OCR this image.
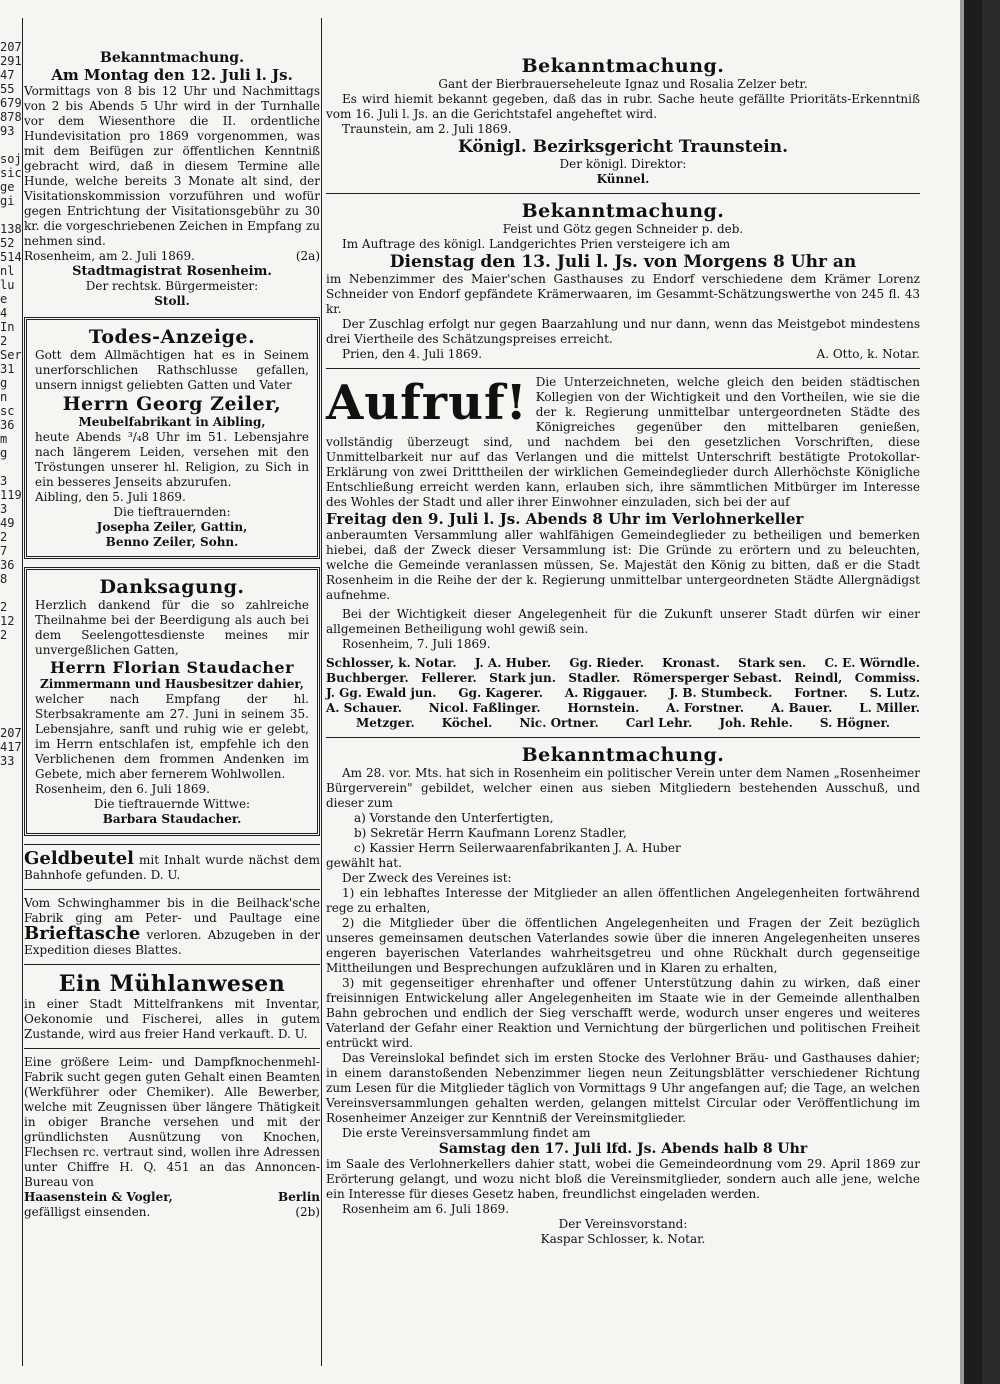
207
291
47
55
679
878
93
soj
sic
ge
gi
138
52
514
nl
lu
e
4
In
2
Ser
31
g
n
sc
36
m
g
3
119
3
49
2
7
36
8
2
12
2
207
417
33
Bekanntmachung.
Am Montag den 12. Juli l. Js.
Vormittags von 8 bis 12 Uhr und Nachmittags von 2 bis Abends 5 Uhr wird in der Turnhalle vor dem Wiesenthore die II. ordentliche Hundevisitation pro 1869 vorgenommen, was mit dem Beifügen zur öffentlichen Kenntniß gebracht wird, daß in diesem Termine alle Hunde, welche bereits 3 Monate alt sind, der Visitationskommission vorzuführen und wofür gegen Entrichtung der Visitationsgebühr zu 30 kr. die vorgeschriebenen Zeichen in Empfang zu nehmen sind.
Rosenheim, am 2. Juli 1869.	(2a)
Stadtmagistrat Rosenheim.
Der rechtsk. Bürgermeister:
Stoll.
Todes-Anzeige.
Gott dem Allmächtigen hat es in Seinem unerforschlichen Rathschlusse gefallen, unsern innigst geliebten Gatten und Vater
Herrn Georg Zeiler,
Meubelfabrikant in Aibling,
heute Abends ³/₄8 Uhr im 51. Lebensjahre nach längerem Leiden, versehen mit den Tröstungen unserer hl. Religion, zu Sich in ein besseres Jenseits abzurufen.
Aibling, den 5. Juli 1869.
Die tieftrauernden:
Josepha Zeiler, Gattin,
Benno Zeiler, Sohn.
Danksagung.
Herzlich dankend für die so zahlreiche Theilnahme bei der Beerdigung als auch bei dem Seelengottesdienste meines mir unvergeßlichen Gatten,
Herrn Florian Staudacher
Zimmermann und Hausbesitzer dahier,
welcher nach Empfang der hl. Sterbsakramente am 27. Juni in seinem 35. Lebensjahre, sanft und ruhig wie er gelebt, im Herrn entschlafen ist, empfehle ich den Verblichenen dem frommen Andenken im Gebete, mich aber fernerem Wohlwollen.
Rosenheim, den 6. Juli 1869.
Die tieftrauernde Wittwe:
Barbara Staudacher.
Geldbeutel mit Inhalt wurde nächst dem Bahnhofe gefunden. D. U.
Vom Schwinghammer bis in die Beilhack'sche Fabrik ging am Peter- und Paultage eine Brieftasche verloren. Abzugeben in der Expedition dieses Blattes.
Ein Mühlanwesen
in einer Stadt Mittelfrankens mit Inventar, Oekonomie und Fischerei, alles in gutem Zustande, wird aus freier Hand verkauft. D. U.
Eine größere Leim- und Dampfknochenmehl-Fabrik sucht gegen guten Gehalt einen Beamten (Werkführer oder Chemiker). Alle Bewerber, welche mit Zeugnissen über längere Thätigkeit in obiger Branche versehen und mit der gründlichsten Ausnützung von Knochen, Flechsen rc. vertraut sind, wollen ihre Adressen unter Chiffre H. Q. 451 an das Annoncen-Bureau von
Haasenstein & Vogler,	Berlin
gefälligst einsenden.	(2b)
Bekanntmachung.
Gant der Bierbrauerseheleute Ignaz und Rosalia Zelzer betr.
Es wird hiemit bekannt gegeben, daß das in rubr. Sache heute gefällte Prioritäts-Erkenntniß vom 16. Juli l. Js. an die Gerichtstafel angeheftet wird.
Traunstein, am 2. Juli 1869.
Königl. Bezirksgericht Traunstein.
Der königl. Direktor:
Künnel.
Bekanntmachung.
Feist und Götz gegen Schneider p. deb.
Im Auftrage des königl. Landgerichtes Prien versteigere ich am
Dienstag den 13. Juli l. Js. von Morgens 8 Uhr an
im Nebenzimmer des Maier'schen Gasthauses zu Endorf verschiedene dem Krämer Lorenz Schneider von Endorf gepfändete Krämerwaaren, im Gesammt-Schätzungswerthe von 245 fl. 43 kr.
Der Zuschlag erfolgt nur gegen Baarzahlung und nur dann, wenn das Meistgebot mindestens drei Viertheile des Schätzungspreises erreicht.
Prien, den 4. Juli 1869.	A. Otto, k. Notar.
Aufruf! Die Unterzeichneten, welche gleich den beiden städtischen Kollegien von der Wichtigkeit und den Vortheilen, wie sie die der k. Regierung unmittelbar untergeordneten Städte des Königreiches gegenüber den mittelbaren genießen, vollständig überzeugt sind, und nachdem bei den gesetzlichen Vorschriften, diese Unmittelbarkeit nur auf das Verlangen und die mittelst Unterschrift bestätigte Protokollar-Erklärung von zwei Dritttheilen der wirklichen Gemeindeglieder durch Allerhöchste Königliche Entschließung erreicht werden kann, erlauben sich, ihre sämmtlichen Mitbürger im Interesse des Wohles der Stadt und aller ihrer Einwohner einzuladen, sich bei der auf
Freitag den 9. Juli l. Js. Abends 8 Uhr im Verlohnerkeller
anberaumten Versammlung aller wahlfähigen Gemeindeglieder zu betheiligen und bemerken hiebei, daß der Zweck dieser Versammlung ist: Die Gründe zu erörtern und zu beleuchten, welche die Gemeinde veranlassen müssen, Se. Majestät den König zu bitten, daß er die Stadt Rosenheim in die Reihe der der k. Regierung unmittelbar untergeordneten Städte Allergnädigst aufnehme.
Bei der Wichtigkeit dieser Angelegenheit für die Zukunft unserer Stadt dürfen wir einer allgemeinen Betheiligung wohl gewiß sein.
Rosenheim, 7. Juli 1869.
Schlosser, k. Notar. J. A. Huber. Gg. Rieder. Kronast. Stark sen. C. E. Wörndle.
Buchberger. Fellerer. Stark jun. Stadler. Römersperger Sebast. Reindl, Commiss.
J. Gg. Ewald jun. Gg. Kagerer. A. Riggauer. J. B. Stumbeck. Fortner. S. Lutz.
A. Schauer. Nicol. Faßlinger. Hornstein. A. Forstner. A. Bauer. L. Miller.
Metzger. Köchel. Nic. Ortner. Carl Lehr. Joh. Rehle. S. Högner.
Bekanntmachung.
Am 28. vor. Mts. hat sich in Rosenheim ein politischer Verein unter dem Namen „Rosenheimer Bürgerverein" gebildet, welcher einen aus sieben Mitgliedern bestehenden Ausschuß, und dieser zum
a) Vorstande den Unterfertigten,
b) Sekretär Herrn Kaufmann Lorenz Stadler,
c) Kassier Herrn Seilerwaarenfabrikanten J. A. Huber
gewählt hat.
Der Zweck des Vereines ist:
1) ein lebhaftes Interesse der Mitglieder an allen öffentlichen Angelegenheiten fortwährend rege zu erhalten,
2) die Mitglieder über die öffentlichen Angelegenheiten und Fragen der Zeit bezüglich unseres gemeinsamen deutschen Vaterlandes sowie über die inneren Angelegenheiten unseres engeren bayerischen Vaterlandes wahrheitsgetreu und ohne Rückhalt durch gegenseitige Mittheilungen und Besprechungen aufzuklären und in Klaren zu erhalten,
3) mit gegenseitiger ehrenhafter und offener Unterstützung dahin zu wirken, daß einer freisinnigen Entwickelung aller Angelegenheiten im Staate wie in der Gemeinde allenthalben Bahn gebrochen und endlich der Sieg verschafft werde, wodurch unser engeres und weiteres Vaterland der Gefahr einer Reaktion und Vernichtung der bürgerlichen und politischen Freiheit entrückt wird.
Das Vereinslokal befindet sich im ersten Stocke des Verlohner Bräu- und Gasthauses dahier; in einem daranstoßenden Nebenzimmer liegen neun Zeitungsblätter verschiedener Richtung zum Lesen für die Mitglieder täglich von Vormittags 9 Uhr angefangen auf; die Tage, an welchen Vereinsversammlungen gehalten werden, gelangen mittelst Circular oder Veröffentlichung im Rosenheimer Anzeiger zur Kenntniß der Vereinsmitglieder.
Die erste Vereinsversammlung findet am
Samstag den 17. Juli lfd. Js. Abends halb 8 Uhr
im Saale des Verlohnerkellers dahier statt, wobei die Gemeindeordnung vom 29. April 1869 zur Erörterung gelangt, und wozu nicht bloß die Vereinsmitglieder, sondern auch alle jene, welche ein Interesse für dieses Gesetz haben, freundlichst eingeladen werden.
Rosenheim am 6. Juli 1869.
Der Vereinsvorstand:
Kaspar Schlosser, k. Notar.
